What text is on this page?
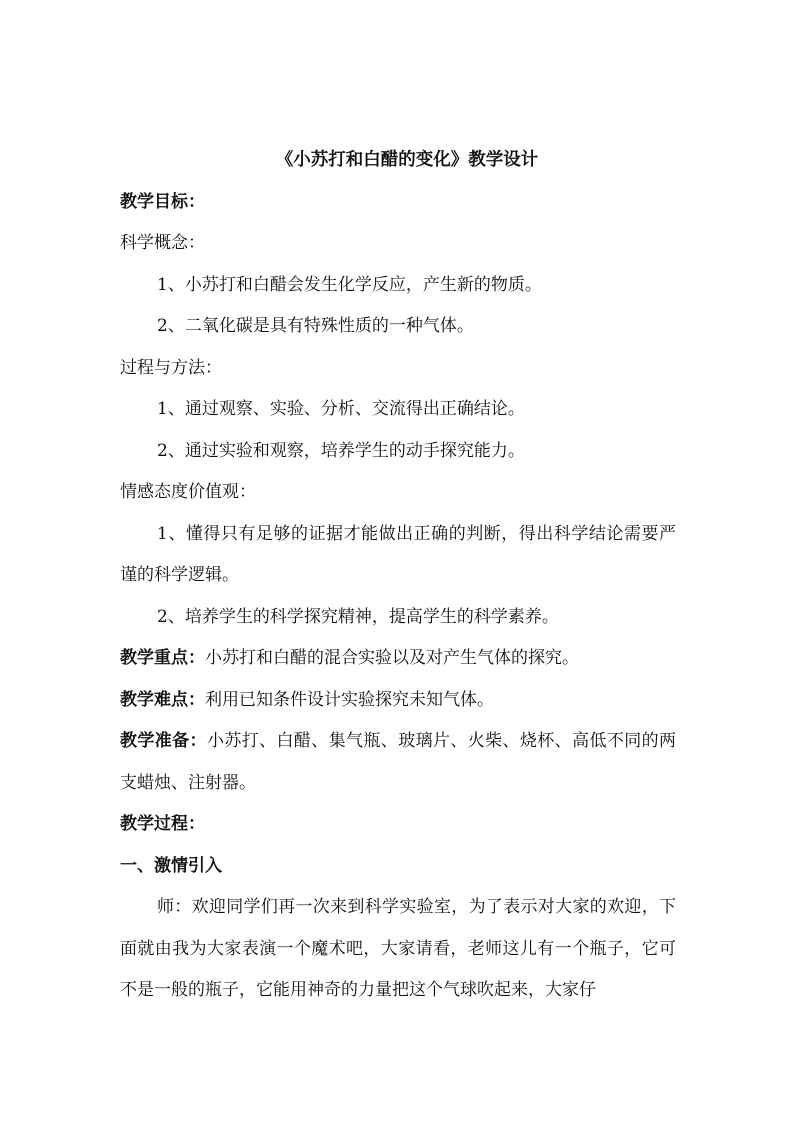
《小苏打和白醋的变化》教学设计
教学目标：
科学概念：
1、小苏打和白醋会发生化学反应，产生新的物质。
2、二氧化碳是具有特殊性质的一种气体。
过程与方法：
1、通过观察、实验、分析、交流得出正确结论。
2、通过实验和观察，培养学生的动手探究能力。
情感态度价值观：
1、懂得只有足够的证据才能做出正确的判断，得出科学结论需要严谨的科学逻辑。
2、培养学生的科学探究精神，提高学生的科学素养。
教学重点：小苏打和白醋的混合实验以及对产生气体的探究。
教学难点：利用已知条件设计实验探究未知气体。
教学准备：小苏打、白醋、集气瓶、玻璃片、火柴、烧杯、高低不同的两支蜡烛、注射器。
教学过程：
一、激情引入
师：欢迎同学们再一次来到科学实验室，为了表示对大家的欢迎，下面就由我为大家表演一个魔术吧，大家请看，老师这儿有一个瓶子，它可不是一般的瓶子，它能用神奇的力量把这个气球吹起来，大家仔
